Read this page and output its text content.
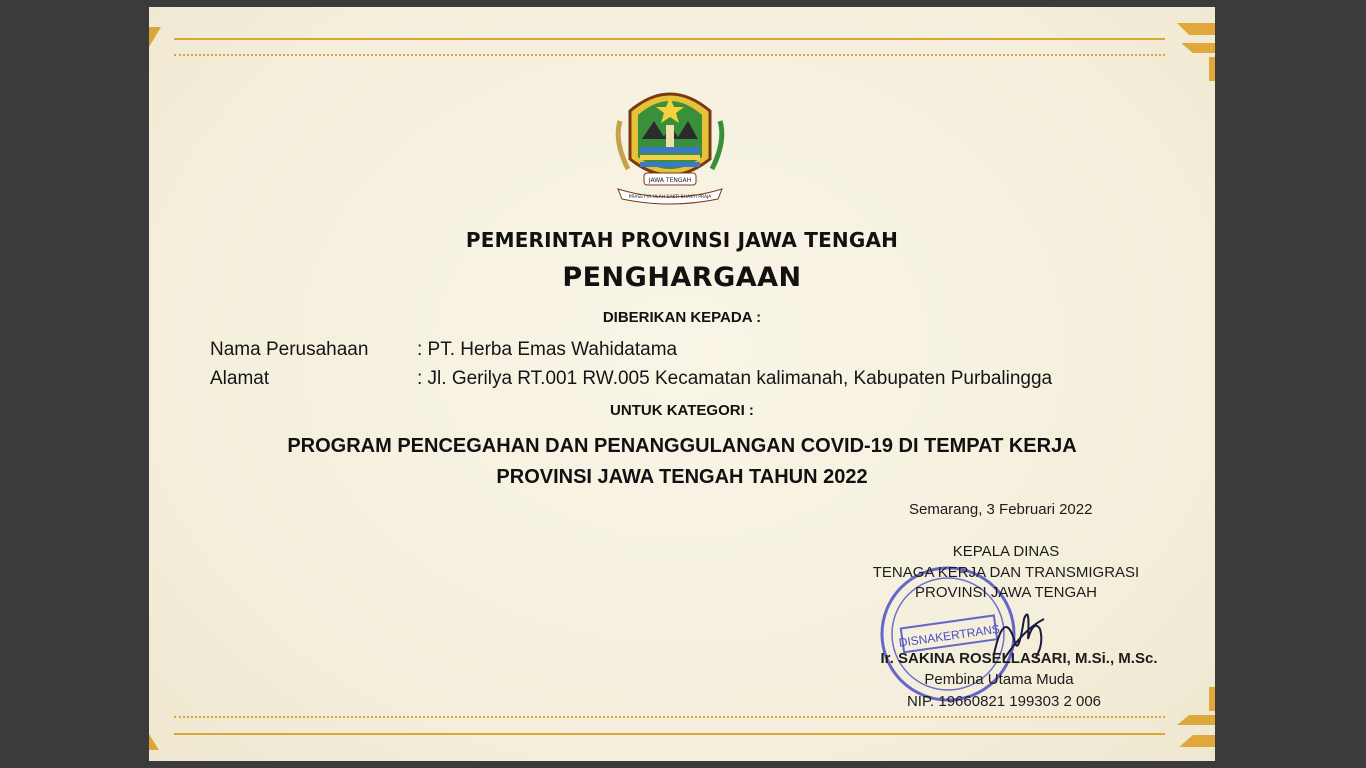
JAWA TENGAH
PRASETYA ULAH SAKTI BHAKTI PRAJA
PEMERINTAH PROVINSI JAWA TENGAH
PENGHARGAAN
DIBERIKAN KEPADA :
Nama Perusahaan	: PT. Herba Emas Wahidatama
Alamat	: Jl. Gerilya RT.001 RW.005 Kecamatan kalimanah, Kabupaten Purbalingga
UNTUK KATEGORI :
PROGRAM PENCEGAHAN DAN PENANGGULANGAN COVID-19 DI TEMPAT KERJA
PROVINSI JAWA TENGAH TAHUN 2022
Semarang, 3 Februari 2022
DISNAKERTRANS
KEPALA DINAS
TENAGA KERJA DAN TRANSMIGRASI
PROVINSI JAWA TENGAH
Ir. SAKINA ROSELLASARI, M.Si., M.Sc.
Pembina Utama Muda
NIP. 19660821 199303 2 006
